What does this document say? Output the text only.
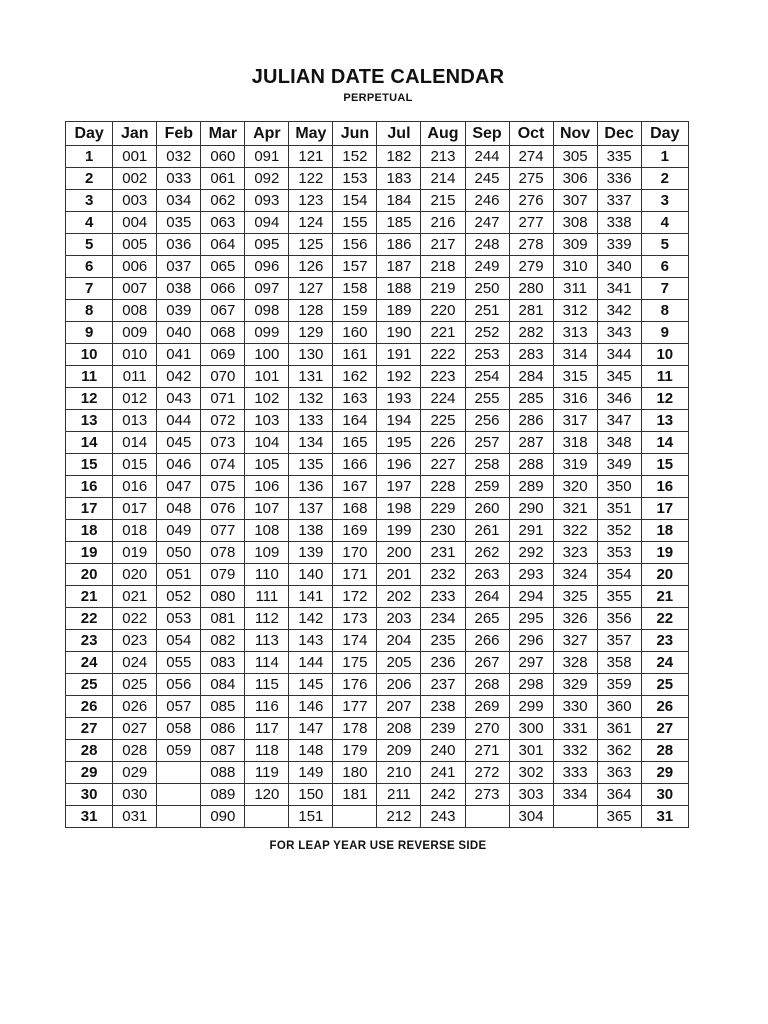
JULIAN DATE CALENDAR
PERPETUAL
Day	Jan	Feb	Mar	Apr	May	Jun	Jul	Aug	Sep	Oct	Nov	Dec	Day
1	001	032	060	091	121	152	182	213	244	274	305	335	1
2	002	033	061	092	122	153	183	214	245	275	306	336	2
3	003	034	062	093	123	154	184	215	246	276	307	337	3
4	004	035	063	094	124	155	185	216	247	277	308	338	4
5	005	036	064	095	125	156	186	217	248	278	309	339	5
6	006	037	065	096	126	157	187	218	249	279	310	340	6
7	007	038	066	097	127	158	188	219	250	280	311	341	7
8	008	039	067	098	128	159	189	220	251	281	312	342	8
9	009	040	068	099	129	160	190	221	252	282	313	343	9
10	010	041	069	100	130	161	191	222	253	283	314	344	10
11	011	042	070	101	131	162	192	223	254	284	315	345	11
12	012	043	071	102	132	163	193	224	255	285	316	346	12
13	013	044	072	103	133	164	194	225	256	286	317	347	13
14	014	045	073	104	134	165	195	226	257	287	318	348	14
15	015	046	074	105	135	166	196	227	258	288	319	349	15
16	016	047	075	106	136	167	197	228	259	289	320	350	16
17	017	048	076	107	137	168	198	229	260	290	321	351	17
18	018	049	077	108	138	169	199	230	261	291	322	352	18
19	019	050	078	109	139	170	200	231	262	292	323	353	19
20	020	051	079	110	140	171	201	232	263	293	324	354	20
21	021	052	080	111	141	172	202	233	264	294	325	355	21
22	022	053	081	112	142	173	203	234	265	295	326	356	22
23	023	054	082	113	143	174	204	235	266	296	327	357	23
24	024	055	083	114	144	175	205	236	267	297	328	358	24
25	025	056	084	115	145	176	206	237	268	298	329	359	25
26	026	057	085	116	146	177	207	238	269	299	330	360	26
27	027	058	086	117	147	178	208	239	270	300	331	361	27
28	028	059	087	118	148	179	209	240	271	301	332	362	28
29	029		088	119	149	180	210	241	272	302	333	363	29
30	030		089	120	150	181	211	242	273	303	334	364	30
31	031		090		151		212	243		304		365	31
FOR LEAP YEAR USE REVERSE SIDE
